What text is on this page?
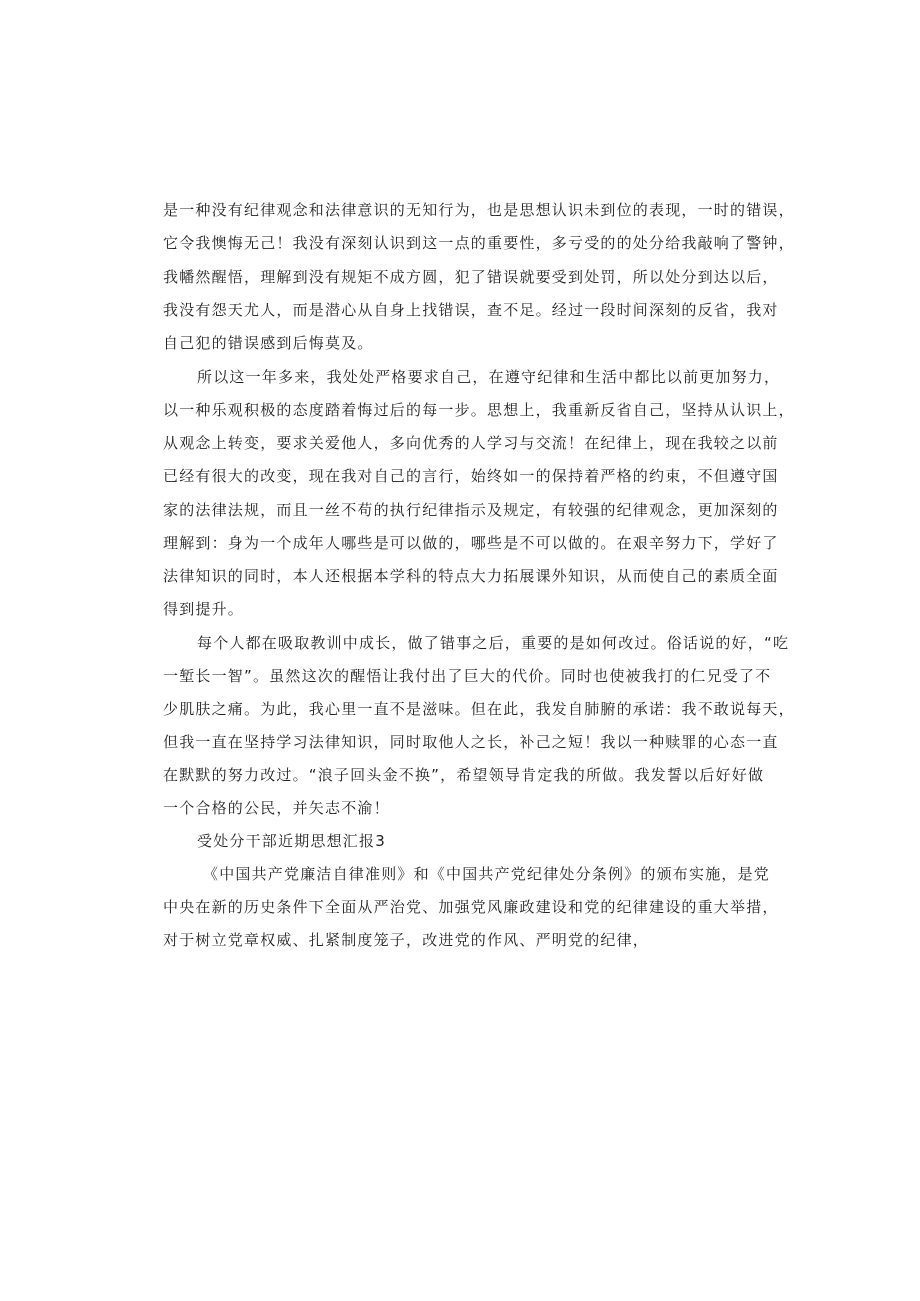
是一种没有纪律观念和法律意识的无知行为，也是思想认识未到位的表现，一时的错误，
它令我懊悔无己！我没有深刻认识到这一点的重要性，多亏受的的处分给我敲响了警钟，
我幡然醒悟，理解到没有规矩不成方圆，犯了错误就要受到处罚，所以处分到达以后，
我没有怨天尤人，而是潜心从自身上找错误，查不足。经过一段时间深刻的反省，我对
自己犯的错误感到后悔莫及。
所以这一年多来，我处处严格要求自己，在遵守纪律和生活中都比以前更加努力，
以一种乐观积极的态度踏着悔过后的每一步。思想上，我重新反省自己，坚持从认识上，
从观念上转变，要求关爱他人，多向优秀的人学习与交流！在纪律上，现在我较之以前
已经有很大的改变，现在我对自己的言行，始终如一的保持着严格的约束，不但遵守国
家的法律法规，而且一丝不苟的执行纪律指示及规定，有较强的纪律观念，更加深刻的
理解到：身为一个成年人哪些是可以做的，哪些是不可以做的。在艰辛努力下，学好了
法律知识的同时，本人还根据本学科的特点大力拓展课外知识，从而使自己的素质全面
得到提升。
每个人都在吸取教训中成长，做了错事之后，重要的是如何改过。俗话说的好，“吃
一堑长一智”。虽然这次的醒悟让我付出了巨大的代价。同时也使被我打的仁兄受了不
少肌肤之痛。为此，我心里一直不是滋味。但在此，我发自肺腑的承诺：我不敢说每天，
但我一直在坚持学习法律知识，同时取他人之长，补己之短！我以一种赎罪的心态一直
在默默的努力改过。“浪子回头金不换”，希望领导肯定我的所做。我发誓以后好好做
一个合格的公民，并矢志不渝！
受处分干部近期思想汇报3
《中国共产党廉洁自律准则》和《中国共产党纪律处分条例》的颁布实施，是党
中央在新的历史条件下全面从严治党、加强党风廉政建设和党的纪律建设的重大举措，
对于树立党章权威、扎紧制度笼子，改进党的作风、严明党的纪律，
